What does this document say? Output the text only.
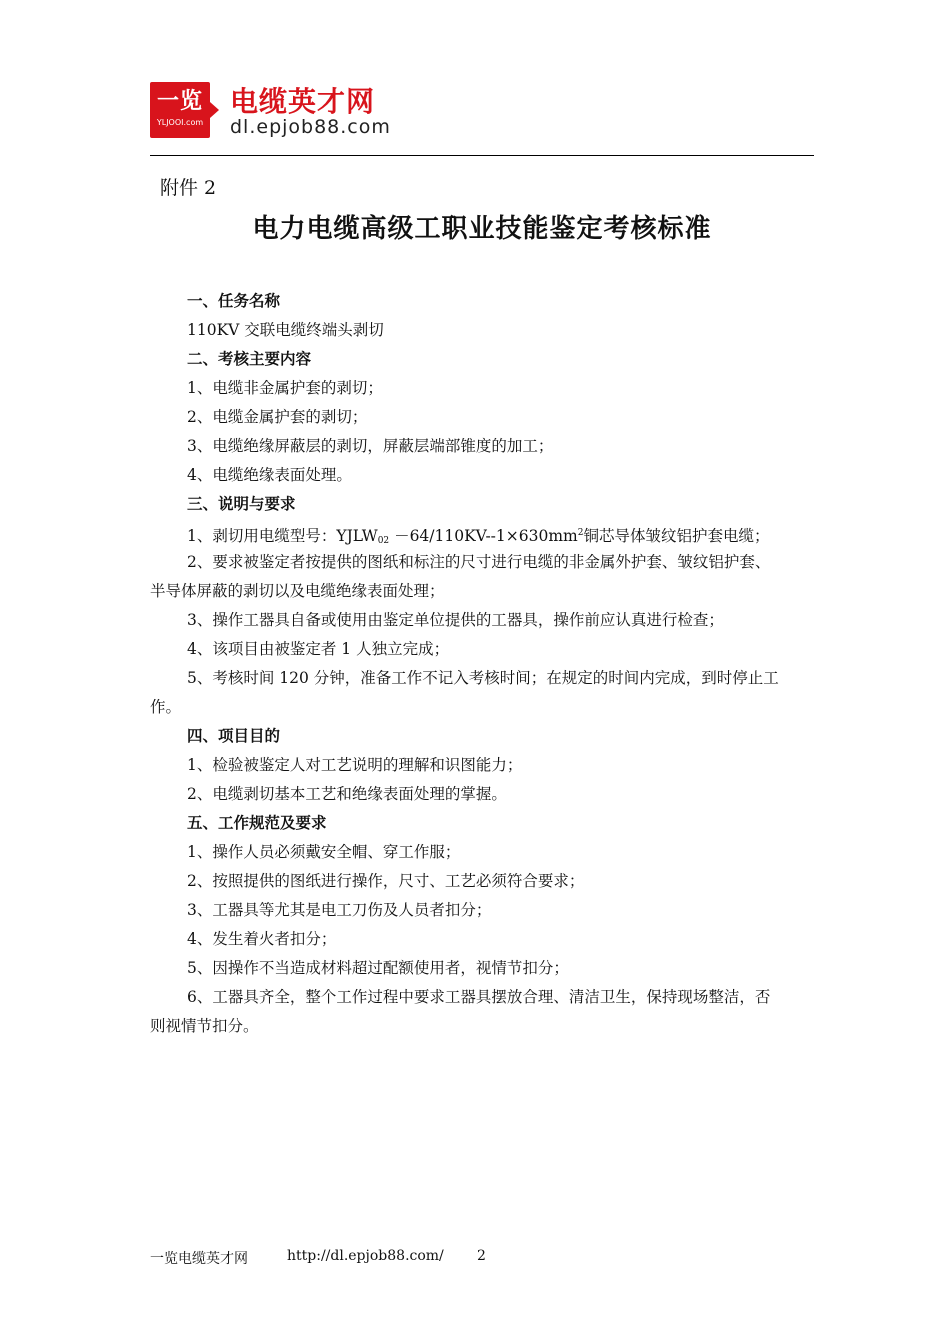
一览
YLJOOI.com
电缆英才网
dl.epjob88.com
附件 2
电力电缆高级工职业技能鉴定考核标准
一、任务名称
110KV 交联电缆终端头剥切
二、考核主要内容
1、电缆非金属护套的剥切；
2、电缆金属护套的剥切；
3、电缆绝缘屏蔽层的剥切，屏蔽层端部锥度的加工；
4、电缆绝缘表面处理。
三、说明与要求
1、剥切用电缆型号：$YJLW_{02} -64/110KV--1\times 630mm^2$铜芯导体皱纹铝护套电缆；
2、要求被鉴定者按提供的图纸和标注的尺寸进行电缆的非金属外护套、皱纹铝护套、
半导体屏蔽的剥切以及电缆绝缘表面处理；
3、操作工器具自备或使用由鉴定单位提供的工器具，操作前应认真进行检查；
4、该项目由被鉴定者 1 人独立完成；
5、考核时间 120 分钟，准备工作不记入考核时间；在规定的时间内完成，到时停止工
作。
四、项目目的
1、检验被鉴定人对工艺说明的理解和识图能力；
2、电缆剥切基本工艺和绝缘表面处理的掌握。
五、工作规范及要求
1、操作人员必须戴安全帽、穿工作服；
2、按照提供的图纸进行操作，尺寸、工艺必须符合要求；
3、工器具等尤其是电工刀伤及人员者扣分；
4、发生着火者扣分；
5、因操作不当造成材料超过配额使用者，视情节扣分；
6、工器具齐全，整个工作过程中要求工器具摆放合理、清洁卫生，保持现场整洁，否
则视情节扣分。
一览电缆英才网	http://dl.epjob88.com/ 2
